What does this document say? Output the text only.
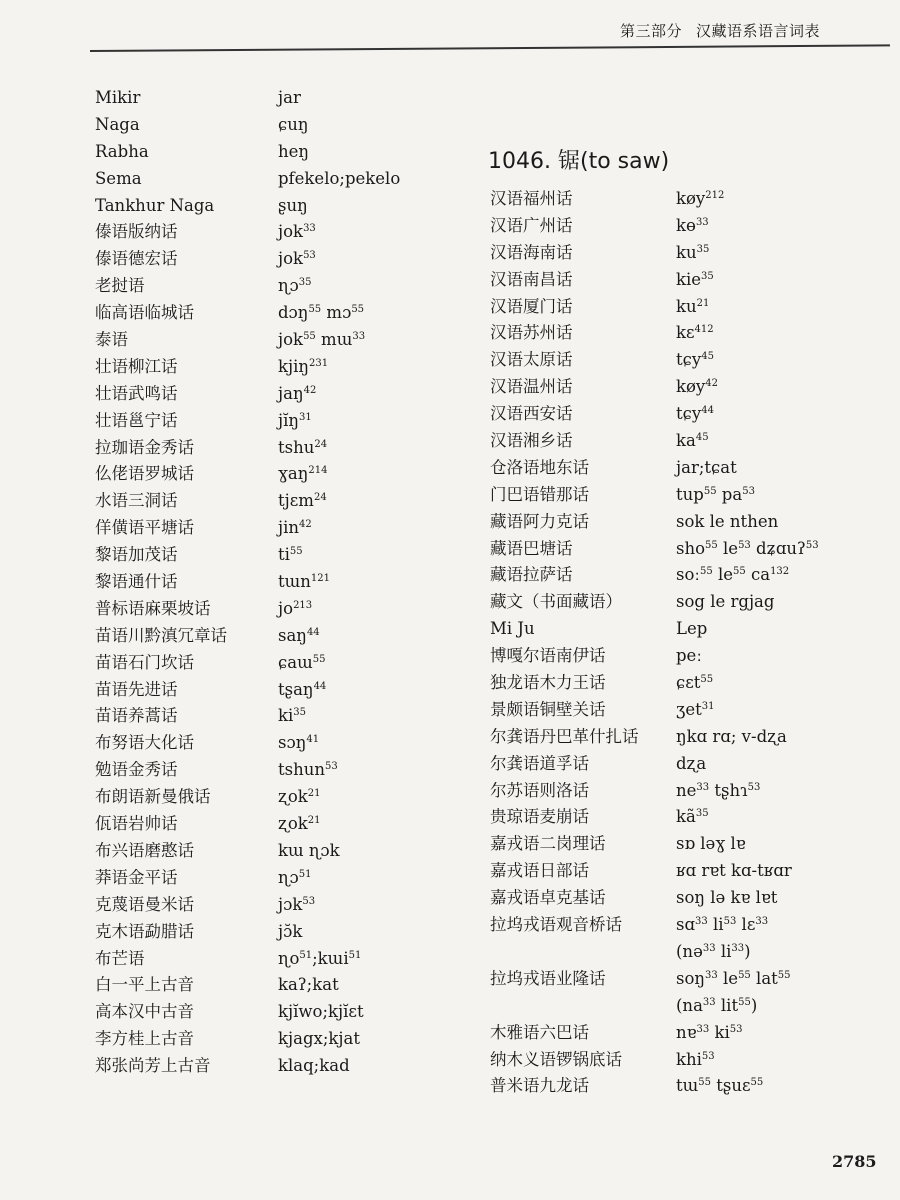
第三部分 汉藏语系语言词表
Mikir	jar
Naga	ɕuŋ
Rabha	heŋ
Sema	pfekelo;pekelo
Tankhur Naga	ʂuŋ
傣语版纳话	jok$^{33}$
傣语德宏话	jok$^{53}$
老挝语	ɳɔ$^{35}$
临高语临城话	dɔŋ$^{55}$ mɔ$^{55}$
泰语	jok$^{55}$ mɯ$^{33}$
壮语柳江话	kjiŋ$^{231}$
壮语武鸣话	jaŋ$^{42}$
壮语邕宁话	jĭŋ$^{31}$
拉珈语金秀话	tshu$^{24}$
仫佬语罗城话	ɣaŋ$^{214}$
水语三洞话	tjɛm$^{24}$
佯僙语平塘话	jin$^{42}$
黎语加茂话	$ti^{55}$
黎语通什话	tɯn$^{121}$
普标语麻栗坡话	$jo^{213}$
苗语川黔滇冗章话	saŋ$^{44}$
苗语石门坎话	ɕaɯ$^{55}$
苗语先进话	tʂaŋ$^{44}$
苗语养蒿话	$ki^{35}$
布努语大化话	sɔŋ$^{41}$
勉语金秀话	tshun$^{53}$
布朗语新曼俄话	ʐok$^{21}$
佤语岩帅话	ʐok$^{21}$
布兴语磨憨话	kɯ ɳɔk
莽语金平话	ɳɔ$^{51}$
克蔑语曼米话	jɔk$^{53}$
克木语勐腊话	jɔ̆k
布芒语	ɳo$^{51}$;kɯi$^{51}$
白一平上古音	kaʔ;kat
高本汉中古音	kjĭwo;kjĭɛt
李方桂上古音	kjagx;kjat
郑张尚芳上古音	klaq;kad
1046. 锯(to saw)
汉语福州话	køy$^{212}$
汉语广州话	kɵ$^{33}$
汉语海南话	$ku^{35}$
汉语南昌话	kie$^{35}$
汉语厦门话	$ku^{21}$
汉语苏州话	kɛ$^{412}$
汉语太原话	tɕy$^{45}$
汉语温州话	køy$^{42}$
汉语西安话	tɕy$^{44}$
汉语湘乡话	$ka^{45}$
仓洛语地东话	jar;tɕat
门巴语错那话	tup$^{55}$ $pa^{53}$
藏语阿力克话	sok le nthen
藏语巴塘话	sho$^{55}$ $le^{53}$ dʑɑuʔ$^{53}$
藏语拉萨话	soː$^{55}$ $le^{55}$ $ca^{132}$
藏文（书面藏语）	sog le rgjag
Mi Ju	Lep
博嘎尔语南伊话	peː
独龙语木力王话	ɕɛt$^{55}$
景颇语铜壁关话	ʒet$^{31}$
尔龚语丹巴革什扎话 ŋkɑ rɑ; v-dʐa
尔龚语道孚话	dʐa
尔苏语则洛话	$ne^{33}$ tʂhɿ$^{53}$
贵琼语麦崩话	$kã^{35}$
嘉戎语二岗理话	sɒ ləɣ lɐ
嘉戎语日部话	ʁɑ rɐt kɑ-tʁɑr
嘉戎语卓克基话	soŋ lə kɐ lɐt
拉坞戎语观音桥话	sɑ$^{33}$ $li^{53}$ lɛ$^{33}$
(nə$^{33}$ $li^{33}$)
拉坞戎语业隆话	soŋ$^{33}$ $le^{55}$ lat$^{55}$
($na^{33}$ lit$^{55}$)
木雅语六巴话	nɐ$^{33}$ $ki^{53}$
纳木义语锣锅底话	khi$^{53}$
普米语九龙话	tɯ$^{55}$ tʂuɛ$^{55}$
2785
